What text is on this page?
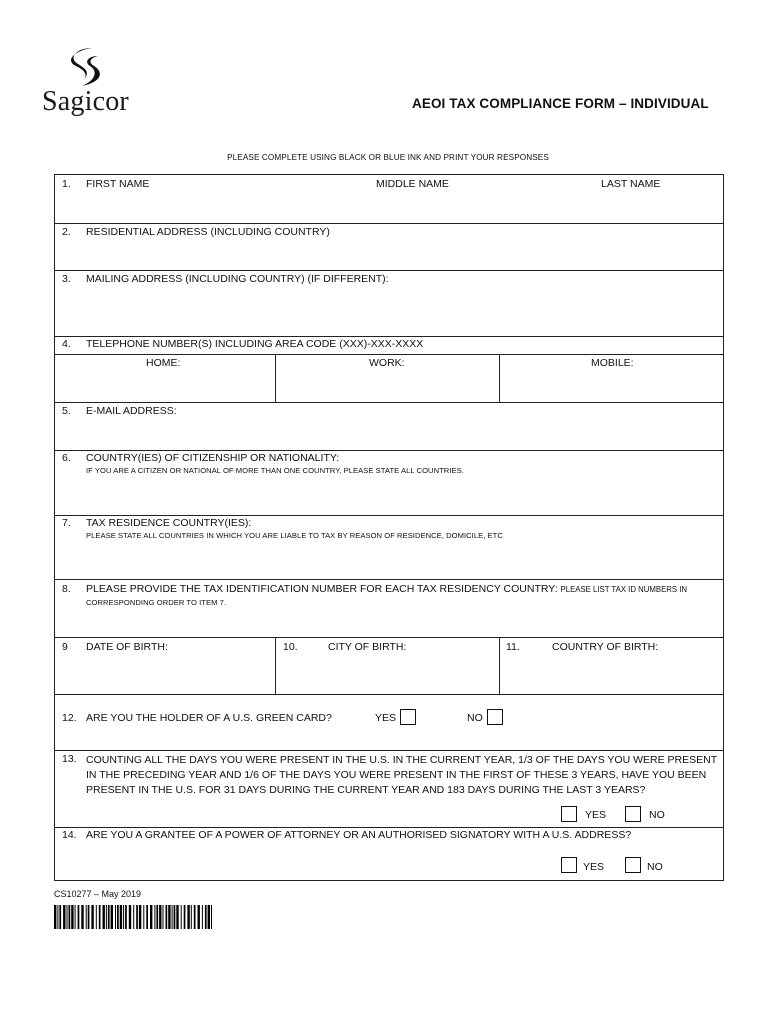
Sagicor	AEOI TAX COMPLIANCE FORM – INDIVIDUAL
PLEASE COMPLETE USING BLACK OR BLUE INK AND PRINT YOUR RESPONSES
1. FIRST NAME	MIDDLE NAME	LAST NAME
2. RESIDENTIAL ADDRESS (INCLUDING COUNTRY)
3. MAILING ADDRESS (INCLUDING COUNTRY) (IF DIFFERENT):
4. TELEPHONE NUMBER(S) INCLUDING AREA CODE (XXX)-XXX-XXXX
HOME:	WORK:	MOBILE:
5. E-MAIL ADDRESS:
6. COUNTRY(IES) OF CITIZENSHIP OR NATIONALITY:
IF YOU ARE A CITIZEN OR NATIONAL OF MORE THAN ONE COUNTRY, PLEASE STATE ALL COUNTRIES.
7. TAX RESIDENCE COUNTRY(IES):
PLEASE STATE ALL COUNTRIES IN WHICH YOU ARE LIABLE TO TAX BY REASON OF RESIDENCE, DOMICILE, ETC
8. PLEASE PROVIDE THE TAX IDENTIFICATION NUMBER FOR EACH TAX RESIDENCY COUNTRY: PLEASE LIST TAX ID NUMBERS IN
CORRESPONDING ORDER TO ITEM 7.
9 DATE OF BIRTH:	10.	CITY OF BIRTH:	11.	COUNTRY OF BIRTH:
12. ARE YOU THE HOLDER OF A U.S. GREEN CARD?	YES	NO
13. COUNTING ALL THE DAYS YOU WERE PRESENT IN THE U.S. IN THE CURRENT YEAR, 1/3 OF THE DAYS YOU WERE PRESENT IN THE PRECEDING YEAR AND 1/6 OF THE DAYS YOU WERE PRESENT IN THE FIRST OF THESE 3 YEARS, HAVE YOU BEEN PRESENT IN THE U.S. FOR 31 DAYS DURING THE CURRENT YEAR AND 183 DAYS DURING THE LAST 3 YEARS?
YES	NO
14. ARE YOU A GRANTEE OF A POWER OF ATTORNEY OR AN AUTHORISED SIGNATORY WITH A U.S. ADDRESS?
YES	NO
CS10277 – May 2019
